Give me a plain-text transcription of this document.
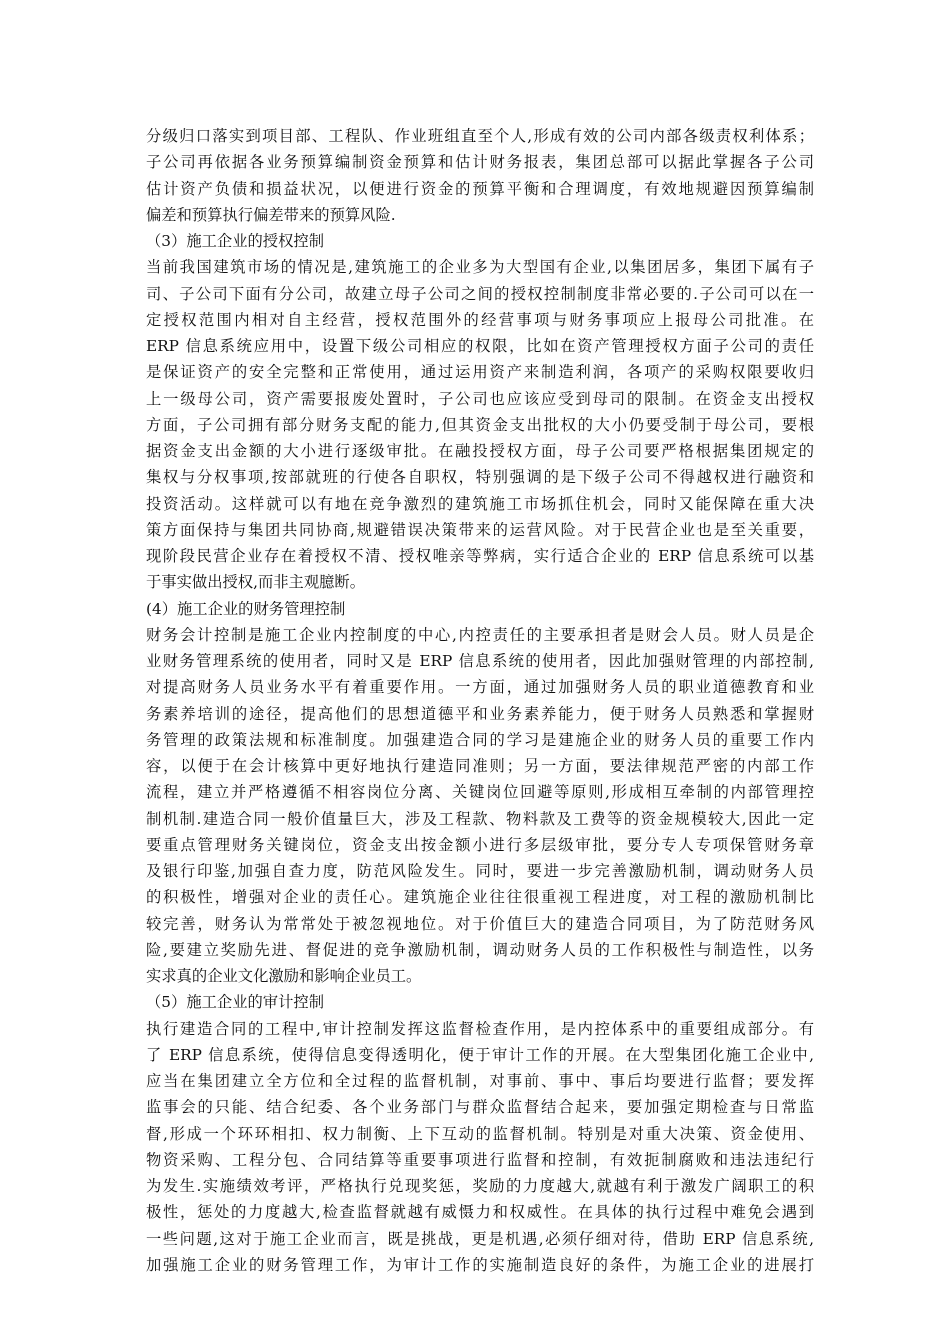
分级归口落实到项目部、工程队、作业班组直至个人,形成有效的公司内部各级责权利体系；
子公司再依据各业务预算编制资金预算和估计财务报表，集团总部可以据此掌握各子公司
估计资产负债和损益状况，以便进行资金的预算平衡和合理调度，有效地规避因预算编制
偏差和预算执行偏差带来的预算风险.
（3）施工企业的授权控制
当前我国建筑市场的情况是,建筑施工的企业多为大型国有企业,以集团居多，集团下属有子
司、子公司下面有分公司，故建立母子公司之间的授权控制制度非常必要的.子公司可以在一
定授权范围内相对自主经营，授权范围外的经营事项与财务事项应上报母公司批准。在
ERP 信息系统应用中，设置下级公司相应的权限，比如在资产管理授权方面子公司的责任
是保证资产的安全完整和正常使用，通过运用资产来制造利润，各项产的采购权限要收归
上一级母公司，资产需要报废处置时，子公司也应该应受到母司的限制。在资金支出授权
方面，子公司拥有部分财务支配的能力,但其资金支出批权的大小仍要受制于母公司，要根
据资金支出金额的大小进行逐级审批。在融投授权方面，母子公司要严格根据集团规定的
集权与分权事项,按部就班的行使各自职权，特别强调的是下级子公司不得越权进行融资和
投资活动。这样就可以有地在竞争激烈的建筑施工市场抓住机会，同时又能保障在重大决
策方面保持与集团共同协商,规避错误决策带来的运营风险。对于民营企业也是至关重要，
现阶段民营企业存在着授权不清、授权唯亲等弊病，实行适合企业的 ERP 信息系统可以基
于事实做出授权,而非主观臆断。
(4）施工企业的财务管理控制
财务会计控制是施工企业内控制度的中心,内控责任的主要承担者是财会人员。财人员是企
业财务管理系统的使用者，同时又是 ERP 信息系统的使用者，因此加强财管理的内部控制,
对提高财务人员业务水平有着重要作用。一方面，通过加强财务人员的职业道德教育和业
务素养培训的途径，提高他们的思想道德平和业务素养能力，便于财务人员熟悉和掌握财
务管理的政策法规和标准制度。加强建造合同的学习是建施企业的财务人员的重要工作内
容，以便于在会计核算中更好地执行建造同准则；另一方面，要法律规范严密的内部工作
流程，建立并严格遵循不相容岗位分离、关键岗位回避等原则,形成相互牵制的内部管理控
制机制.建造合同一般价值量巨大，涉及工程款、物料款及工费等的资金规模较大,因此一定
要重点管理财务关键岗位，资金支出按金额小进行多层级审批，要分专人专项保管财务章
及银行印鉴,加强自查力度，防范风险发生。同时，要进一步完善激励机制，调动财务人员
的积极性，增强对企业的责任心。建筑施企业往往很重视工程进度，对工程的激励机制比
较完善，财务认为常常处于被忽视地位。对于价值巨大的建造合同项目，为了防范财务风
险,要建立奖励先进、督促进的竞争激励机制，调动财务人员的工作积极性与制造性，以务
实求真的企业文化激励和影响企业员工。
（5）施工企业的审计控制
执行建造合同的工程中,审计控制发挥这监督检查作用，是内控体系中的重要组成部分。有
了 ERP 信息系统，使得信息变得透明化，便于审计工作的开展。在大型集团化施工企业中,
应当在集团建立全方位和全过程的监督机制，对事前、事中、事后均要进行监督；要发挥
监事会的只能、结合纪委、各个业务部门与群众监督结合起来，要加强定期检查与日常监
督,形成一个环环相扣、权力制衡、上下互动的监督机制。特别是对重大决策、资金使用、
物资采购、工程分包、合同结算等重要事项进行监督和控制，有效扼制腐败和违法违纪行
为发生.实施绩效考评，严格执行兑现奖惩，奖励的力度越大,就越有利于激发广阔职工的积
极性，惩处的力度越大,检查监督就越有威慑力和权威性。在具体的执行过程中难免会遇到
一些问题,这对于施工企业而言，既是挑战，更是机遇,必须仔细对待，借助 ERP 信息系统,
加强施工企业的财务管理工作，为审计工作的实施制造良好的条件，为施工企业的进展打
